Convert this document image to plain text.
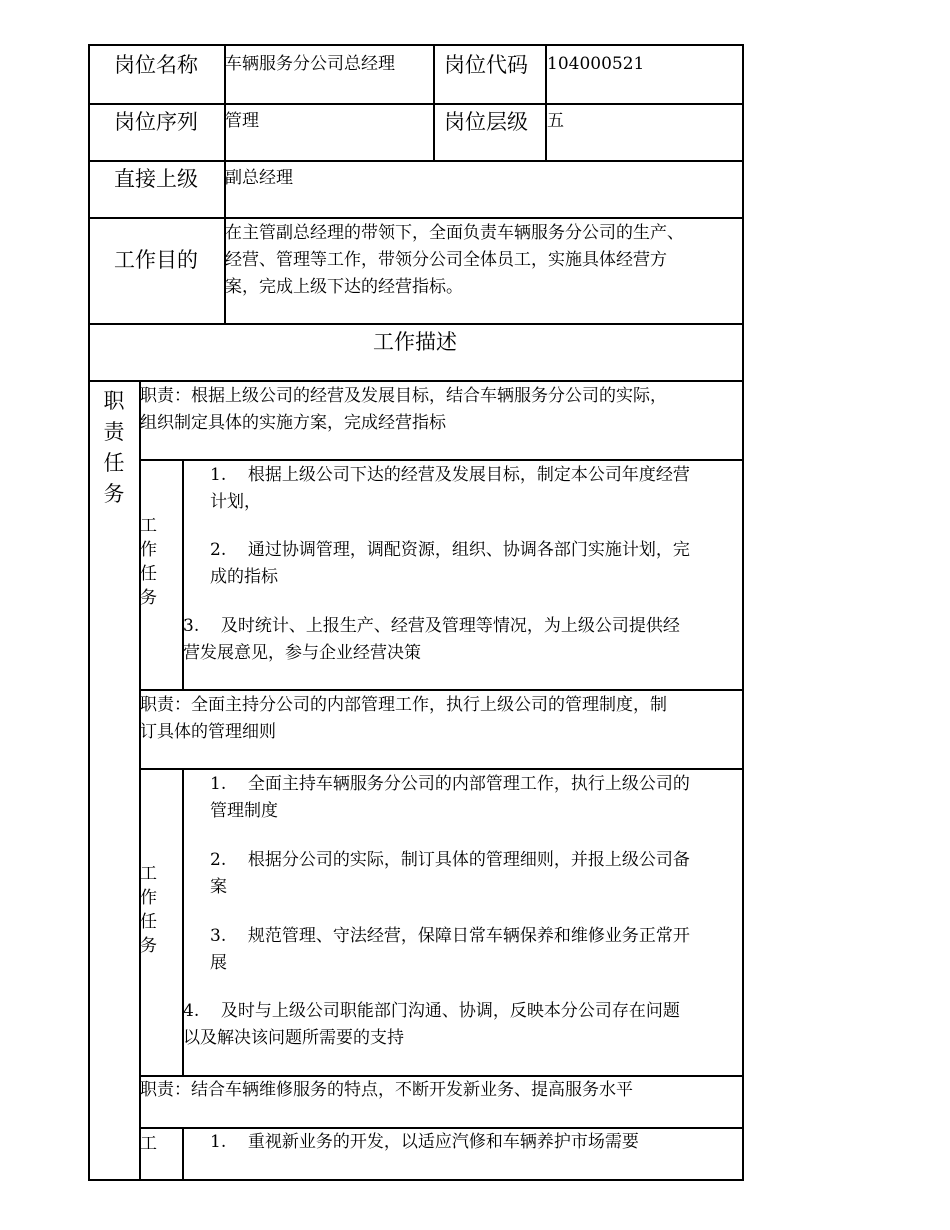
岗位名称 车辆服务分公司总经理 岗位代码 104000521
岗位序列 管理	岗位层级 五
直接上级 副总经理
工作目的
在主管副总经理的带领下，全面负责车辆服务分公司的生产、
经营、管理等工作，带领分公司全体员工，实施具体经营方
案，完成上级下达的经营指标。
工作描述
职
责
任
务
职责：根据上级公司的经营及发展目标，结合车辆服务分公司的实际，
组织制定具体的实施方案，完成经营指标
工
作
任
务
1. 根据上级公司下达的经营及发展目标，制定本公司年度经营
计划，
2. 通过协调管理，调配资源，组织、协调各部门实施计划，完
成的指标
3. 及时统计、上报生产、经营及管理等情况，为上级公司提供经
营发展意见，参与企业经营决策
职责：全面主持分公司的内部管理工作，执行上级公司的管理制度，制
订具体的管理细则
工
作
任
务
1. 全面主持车辆服务分公司的内部管理工作，执行上级公司的
管理制度
2. 根据分公司的实际，制订具体的管理细则，并报上级公司备
案
3. 规范管理、守法经营，保障日常车辆保养和维修业务正常开
展
4. 及时与上级公司职能部门沟通、协调，反映本分公司存在问题
以及解决该问题所需要的支持
职责：结合车辆维修服务的特点，不断开发新业务、提高服务水平
工	1. 重视新业务的开发，以适应汽修和车辆养护市场需要
